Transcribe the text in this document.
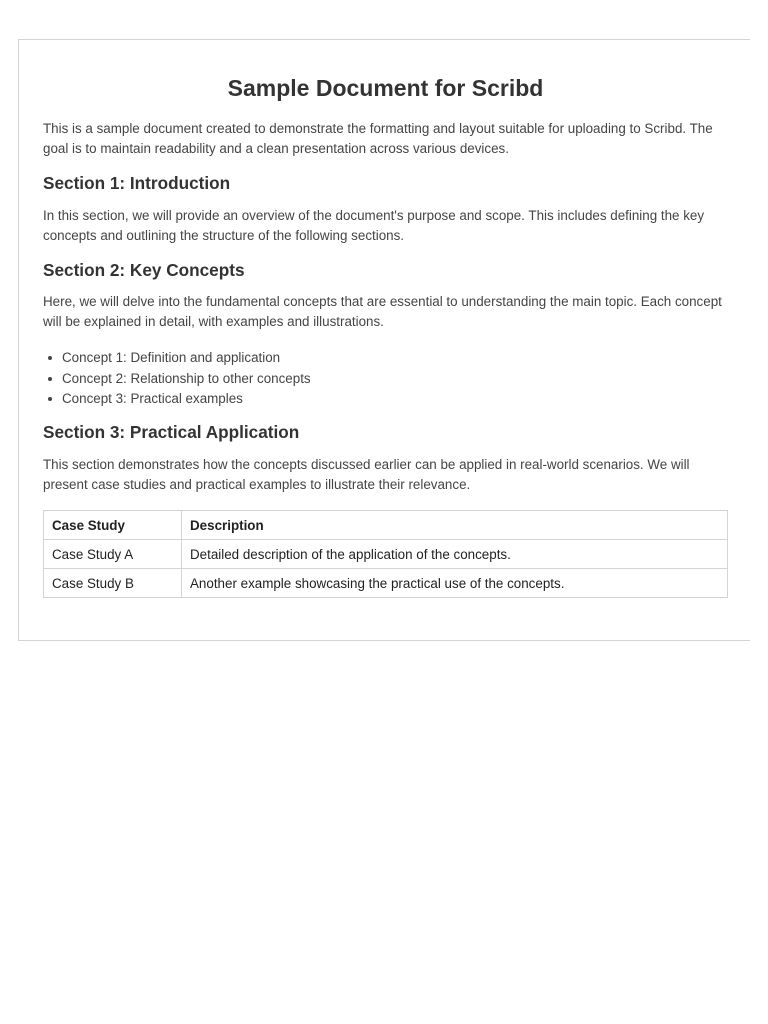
Sample Document for Scribd

This is a sample document created to demonstrate the formatting and layout suitable for uploading to Scribd. The goal is to maintain readability and a clean presentation across various devices.

Section 1: Introduction

In this section, we will provide an overview of the document's purpose and scope. This includes defining the key concepts and outlining the structure of the following sections.

Section 2: Key Concepts

Here, we will delve into the fundamental concepts that are essential to understanding the main topic. Each concept will be explained in detail, with examples and illustrations.

Concept 1: Definition and application
Concept 2: Relationship to other concepts
Concept 3: Practical examples
Section 3: Practical Application

This section demonstrates how the concepts discussed earlier can be applied in real-world scenarios. We will present case studies and practical examples to illustrate their relevance.

Case Study	Description
Case Study A	Detailed description of the application of the concepts.
Case Study B	Another example showcasing the practical use of the concepts.
